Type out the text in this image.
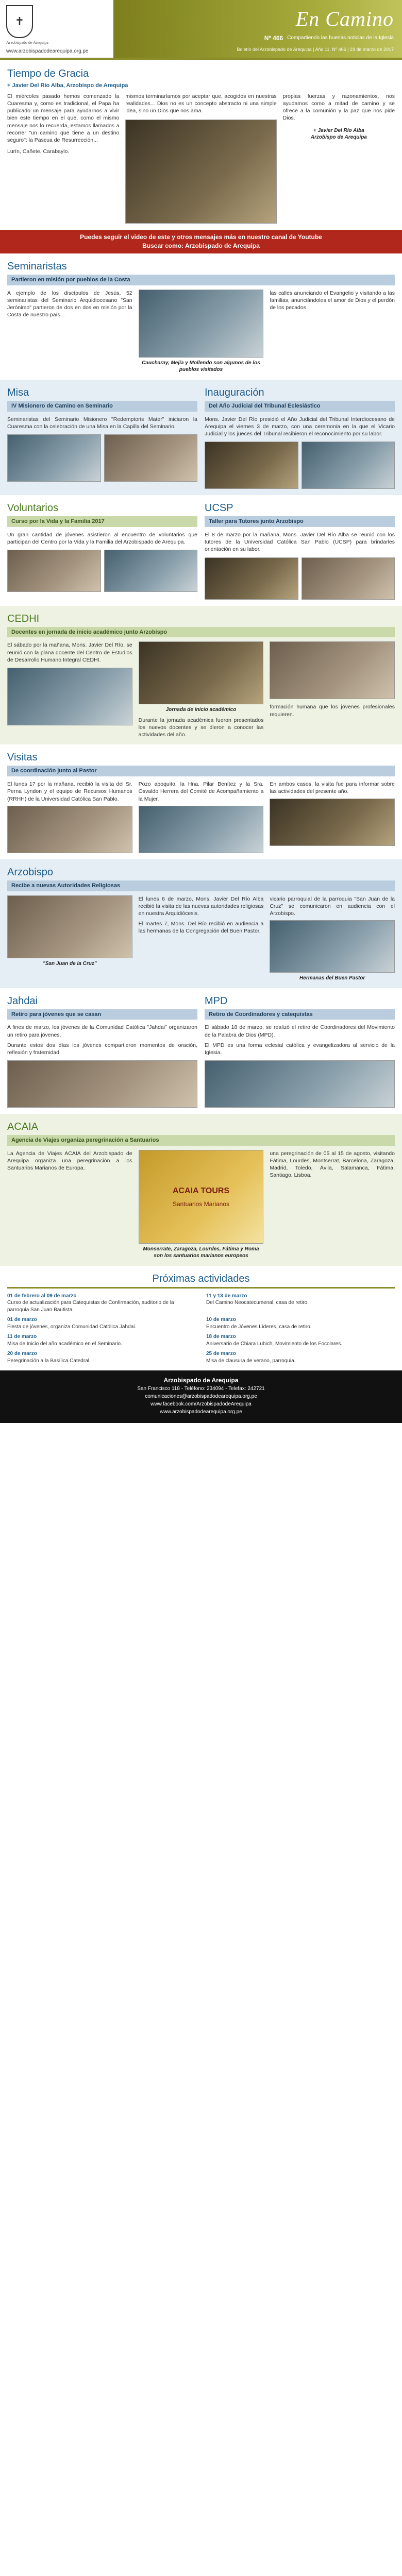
✝
Arzobispado de Arequipa
www.arzobispadodearequipa.org.pe
En Camino
Nº 466 Compartiendo las buenas noticias de la Iglesia
Boletín del Arzobispado de Arequipa | Año 11, Nº 466 | 29 de marzo de 2017
Tiempo de Gracia
+ Javier Del Río Alba, Arzobispo de Arequipa
El miércoles pasado hemos comenzado la Cuaresma y, como es tradicional, el Papa ha publicado un mensaje para ayudarnos a vivir bien este tiempo en el que, como el mismo mensaje nos lo recuerda, estamos llamados a recorrer "un camino que tiene a un destino seguro": la Pascua de Resurrección...
Lurín, Cañete, Carabaylo.
mismos terminaríamos por aceptar que, acogidos en nuestras realidades... Dios no es un concepto abstracto ni una simple idea, sino un Dios que nos ama.
propias fuerzas y razonamientos, nos ayudamos como a mitad de camino y se ofrece a la comunión y la paz que nos pide Dios.
+ Javier Del Río Alba
Arzobispo de Arequipa
Puedes seguir el video de este y otros mensajes más en nuestro canal de Youtube
Buscar como: Arzobispado de Arequipa
Seminaristas
Partieron en misión por pueblos de la Costa
A ejemplo de los discípulos de Jesús, 52 seminaristas del Seminario Arquidiocesano "San Jerónimo" partieron de dos en dos en misión por la Costa de nuestro país...
Caucharay, Mejía y Mollendo son algunos de los pueblos visitados
las calles anunciando el Evangelio y visitando a las familias, anunciándoles el amor de Dios y el perdón de los pecados.
Misa
IV Misionero de Camino en Seminario
Seminaristas del Seminario Misionero "Redemptoris Mater" iniciaron la Cuaresma con la celebración de una Misa en la Capilla del Seminario.
Inauguración
Del Año Judicial del Tribunal Eclesiástico
Mons. Javier Del Río presidió el Año Judicial del Tribunal Interdiocesano de Arequipa el viernes 3 de marzo, con una ceremonia en la que el Vicario Judicial y los jueces del Tribunal recibieron el reconocimiento por su labor.
Voluntarios
Curso por la Vida y la Familia 2017
Un gran cantidad de jóvenes asistieron al encuentro de voluntarios que participan del Centro por la Vida y la Familia del Arzobispado de Arequipa.
UCSP
Taller para Tutores junto Arzobispo
El 8 de marzo por la mañana, Mons. Javier Del Río Alba se reunió con los tutores de la Universidad Católica San Pablo (UCSP) para brindarles orientación en su labor.
CEDHI
Docentes en jornada de inicio académico junto Arzobispo
El sábado por la mañana, Mons. Javier Del Río, se reunió con la plana docente del Centro de Estudios de Desarrollo Humano Integral CEDHI.
Jornada de inicio académico
Durante la jornada académica fueron presentados los nuevos docentes y se dieron a conocer las actividades del año.
formación humana que los jóvenes profesionales requieren.
Visitas
De coordinación junto al Pastor
El lunes 17 por la mañana, recibió la visita del Sr. Perna Lyndon y el equipo de Recursos Humanos (RRHH) de la Universidad Católica San Pablo.
Pozo aboquito, la Hna. Pilar Benítez y la Sra. Osvaldo Herrera del Comité de Acompañamiento a la Mujer.
En ambos casos, la visita fue para informar sobre las actividades del presente año.
Arzobispo
Recibe a nuevas Autoridades Religiosas
"San Juan de la Cruz"
El lunes 6 de marzo, Mons. Javier Del Río Alba recibió la visita de las nuevas autoridades religiosas en nuestra Arquidiócesis.
El martes 7, Mons. Del Río recibió en audiencia a las hermanas de la Congregación del Buen Pastor.
vicario parroquial de la parroquia "San Juan de la Cruz" se comunicaron en audiencia con el Arzobispo.
Hermanas del Buen Pastor
Jahdai
Retiro para jóvenes que se casan
A fines de marzo, los jóvenes de la Comunidad Católica "Jahdai" organizaron un retiro para jóvenes.
Durante estos dos días los jóvenes compartieron momentos de oración, reflexión y fraternidad.
MPD
Retiro de Coordinadores y catequistas
El sábado 18 de marzo, se realizó el retiro de Coordinadores del Movimiento de la Palabra de Dios (MPD).
El MPD es una forma eclesial católica y evangelizadora al servicio de la Iglesia.
ACAIA
Agencia de Viajes organiza peregrinación a Santuarios
La Agencia de Viajes ACAIA del Arzobispado de Arequipa organiza una peregrinación a los Santuarios Marianos de Europa.
ACAIA TOURS
Santuarios Marianos
Monserrate, Zaragoza, Lourdes, Fátima y Roma son los santuarios marianos europeos
una peregrinación de 05 al 15 de agosto, visitando Fátima, Lourdes, Montserrat, Barcelona, Zaragoza, Madrid, Toledo, Ávila, Salamanca, Fátima, Santiago, Lisboa.
Próximas actividades
01 de febrero al 09 de marzo
Curso de actualización para Catequistas de Confirmación, auditorio de la parroquia San Juan Bautista.
11 y 13 de marzo
Del Camino Neocatecumenal, casa de retiro.
01 de marzo
Fiesta de jóvenes, organiza Comunidad Católica Jahdai.
10 de marzo
Encuentro de Jóvenes Líderes, casa de retiro.
11 de marzo
Misa de Inicio del año académico en el Seminario.
18 de marzo
Aniversario de Chiara Lubich, Movimiento de los Focolares.
20 de marzo
Peregrinación a la Basílica Catedral.
25 de marzo
Misa de clausura de verano, parroquia.
Arzobispado de Arequipa
San Francisco 118 - Teléfono: 234094 - Telefax: 242721
comunicaciones@arzobispadodearequipa.org.pe
www.facebook.com/ArzobispadodeArequipa
www.arzobispadodearequipa.org.pe
